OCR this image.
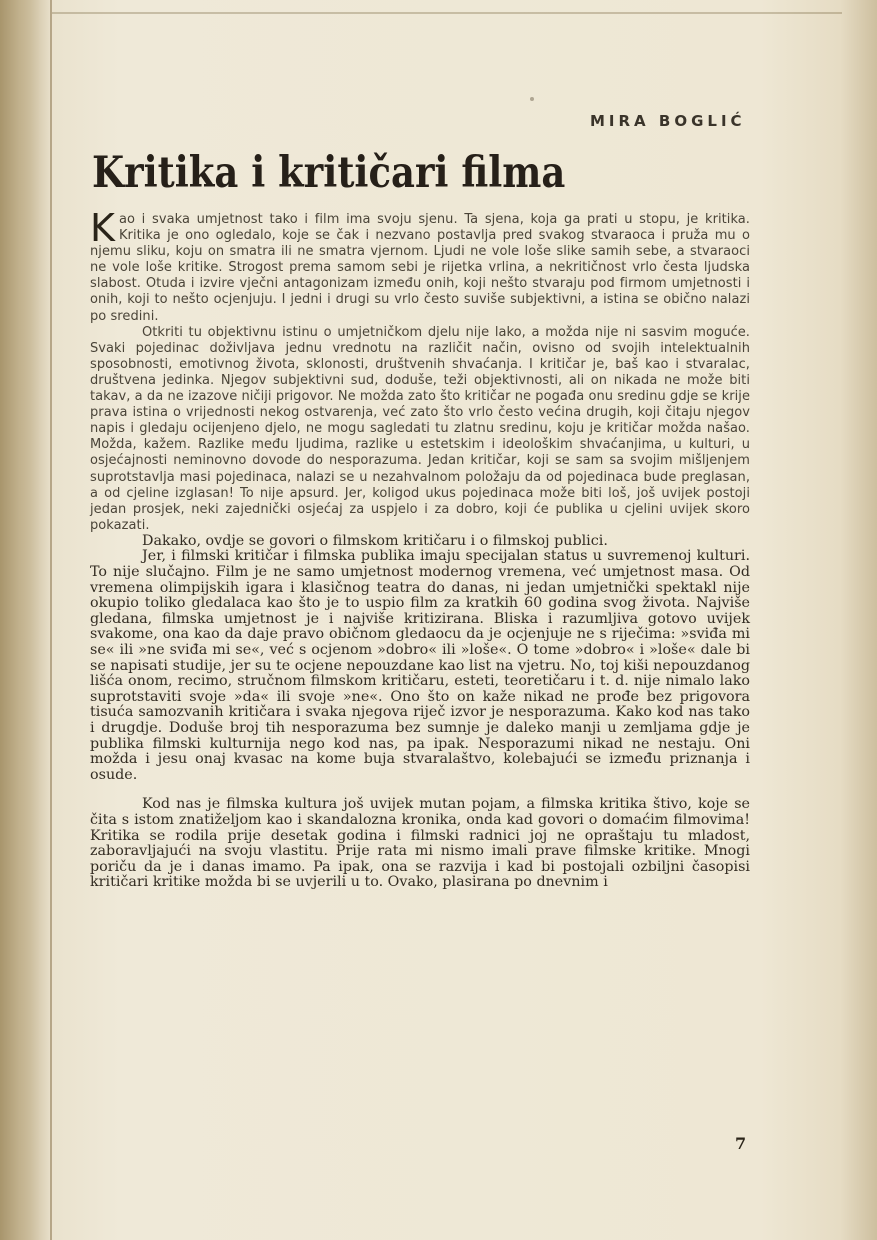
MIRA BOGLIĆ
Kritika i kritičari filma

Kao i svaka umjetnost tako i film ima svoju sjenu. Ta sjena, koja ga prati u stopu, je kritika. Kritika je ono ogledalo, koje se čak i nezvano postavlja pred svakog stvaraoca i pruža mu o njemu sliku, koju on smatra ili ne smatra vjernom. Ljudi ne vole loše slike samih sebe, a stvaraoci ne vole loše kritike. Strogost prema samom sebi je rijetka vrlina, a nekritičnost vrlo česta ljudska slabost. Otuda i izvire vječni antagonizam između onih, koji nešto stvaraju pod firmom umjetnosti i onih, koji to nešto ocjenjuju. I jedni i drugi su vrlo često suviše subjektivni, a istina se obično nalazi po sredini.

Otkriti tu objektivnu istinu o umjetničkom djelu nije lako, a možda nije ni sasvim moguće. Svaki pojedinac doživljava jednu vrednotu na različit način, ovisno od svojih intelektualnih sposobnosti, emotivnog života, sklonosti, društvenih shvaćanja. I kritičar je, baš kao i stvaralac, društvena jedinka. Njegov subjektivni sud, doduše, teži objektivnosti, ali on nikada ne može biti takav, a da ne izazove ničiji prigovor. Ne možda zato što kritičar ne pogađa onu sredinu gdje se krije prava istina o vrijednosti nekog ostvarenja, već zato što vrlo često većina drugih, koji čitaju njegov napis i gledaju ocijenjeno djelo, ne mogu sagledati tu zlatnu sredinu, koju je kritičar možda našao. Možda, kažem. Razlike među ljudima, razlike u estetskim i ideološkim shvaćanjima, u kulturi, u osjećajnosti neminovno dovode do nesporazuma. Jedan kritičar, koji se sam sa svojim mišljenjem suprotstavlja masi pojedinaca, nalazi se u nezahvalnom položaju da od pojedinaca bude preglasan, a od cjeline izglasan! To nije apsurd. Jer, koligod ukus pojedinaca može biti loš, još uvijek postoji jedan prosjek, neki zajednički osjećaj za uspjelo i za dobro, koji će publika u cjelini uvijek skoro pokazati.

Dakako, ovdje se govori o filmskom kritičaru i o filmskoj publici.

Jer, i filmski kritičar i filmska publika imaju specijalan status u suvremenoj kulturi. To nije slučajno. Film je ne samo umjetnost modernog vremena, već umjetnost masa. Od vremena olimpijskih igara i klasičnog teatra do danas, ni jedan umjetnički spektakl nije okupio toliko gledalaca kao što je to uspio film za kratkih 60 godina svog života. Najviše gledana, filmska umjetnost je i najviše kritizirana. Bliska i razumljiva gotovo uvijek svakome, ona kao da daje pravo običnom gledaocu da je ocjenjuje ne s riječima: »sviđa mi se« ili »ne sviđa mi se«, već s ocjenom »dobro« ili »loše«. O tome »dobro« i »loše« dale bi se napisati studije, jer su te ocjene nepouzdane kao list na vjetru. No, toj kiši nepouzdanog lišća onom, recimo, stručnom filmskom kritičaru, esteti, teoretičaru i t. d. nije nimalo lako suprotstaviti svoje »da« ili svoje »ne«. Ono što on kaže nikad ne prođe bez prigovora tisuća samozvanih kritičara i svaka njegova riječ izvor je nesporazuma. Kako kod nas tako i drugdje. Doduše broj tih nesporazuma bez sumnje je daleko manji u zemljama gdje je publika filmski kulturnija nego kod nas, pa ipak. Nesporazumi nikad ne nestaju. Oni možda i jesu onaj kvasac na kome buja stvaralaštvo, kolebajući se između priznanja i osude.

Kod nas je filmska kultura još uvijek mutan pojam, a filmska kritika štivo, koje se čita s istom znatiželjom kao i skandalozna kronika, onda kad govori o domaćim filmovima! Kritika se rodila prije desetak godina i filmski radnici joj ne opraštaju tu mladost, zaboravljajući na svoju vlastitu. Prije rata mi nismo imali prave filmske kritike. Mnogi poriču da je i danas imamo. Pa ipak, ona se razvija i kad bi postojali ozbiljni časopisi kritičari kritike možda bi se uvjerili u to. Ovako, plasirana po dnevnim i

7
